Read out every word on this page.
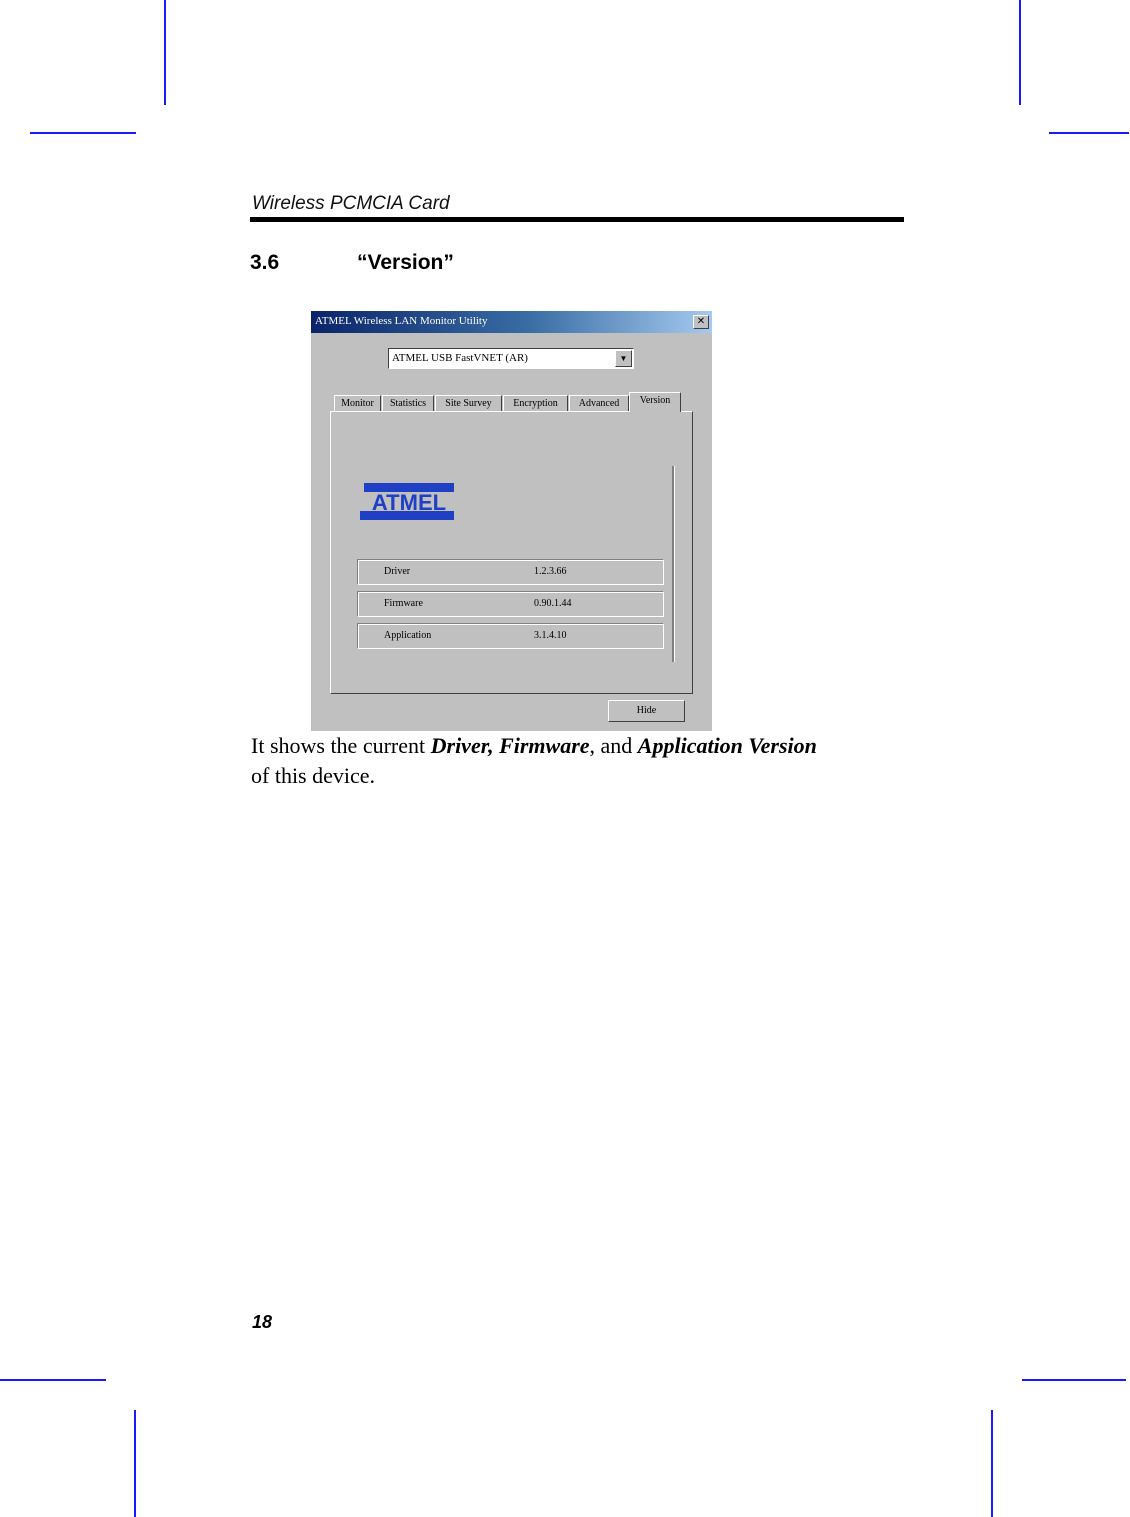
Wireless PCMCIA Card
3.6	“Version”
ATMEL Wireless LAN Monitor Utility	✕
ATMEL USB FastVNET (AR)	▼
Monitor	Statistics	Site Survey	Encryption	Advanced	Version
ATMEL
Driver	1.2.3.66
Firmware	0.90.1.44
Application	3.1.4.10
Hide
It shows the current Driver, Firmware, and Application Version
of this device.
18
